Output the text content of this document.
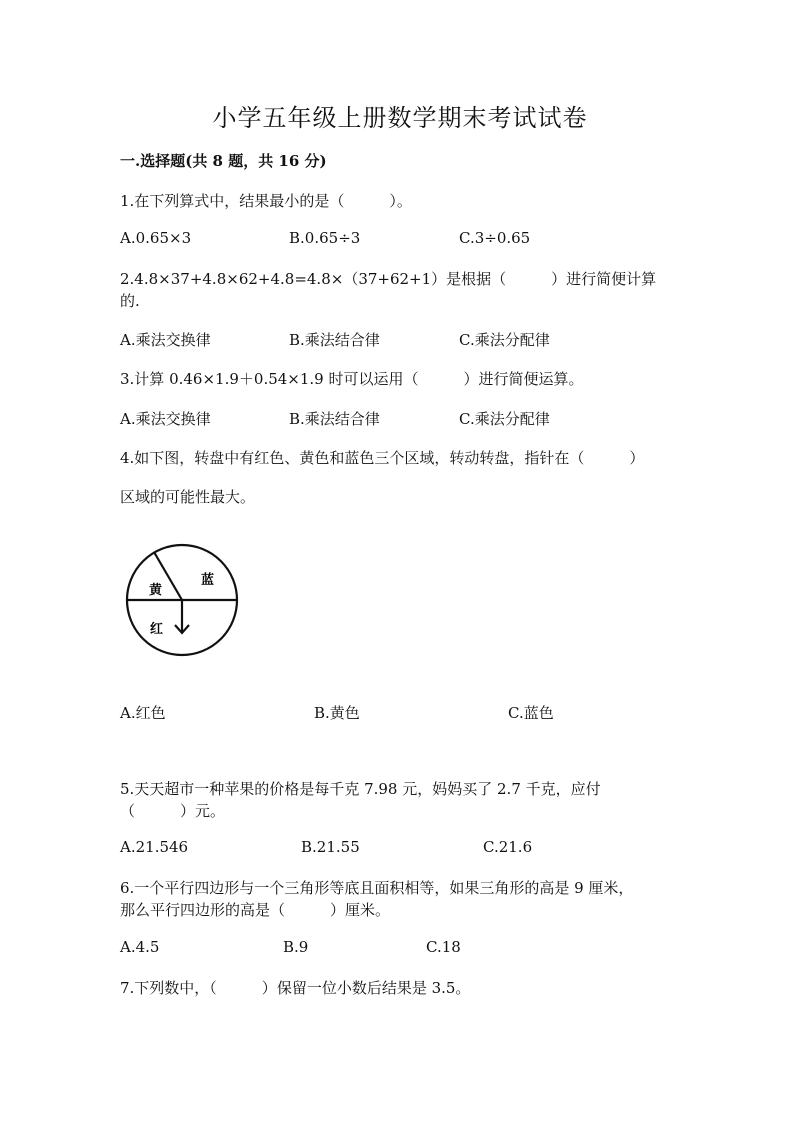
小学五年级上册数学期末考试试卷
一.选择题(共 8 题，共 16 分)
1.在下列算式中，结果最小的是（　　　）。
A.0.65×3	B.0.65÷3	C.3÷0.65
2.4.8×37+4.8×62+4.8=4.8×（37+62+1）是根据（　　　）进行简便计算
的.
A.乘法交换律	B.乘法结合律	C.乘法分配律
3.计算 0.46×1.9＋0.54×1.9 时可以运用（　　　）进行简便运算。
A.乘法交换律	B.乘法结合律	C.乘法分配律
4.如下图，转盘中有红色、黄色和蓝色三个区域，转动转盘，指针在（　　　）
区域的可能性最大。
黄
蓝
红
A.红色	B.黄色	C.蓝色
5.天天超市一种苹果的价格是每千克 7.98 元，妈妈买了 2.7 千克，应付
（　　　）元。
A.21.546	B.21.55	C.21.6
6.一个平行四边形与一个三角形等底且面积相等，如果三角形的高是 9 厘米，
那么平行四边形的高是（　　　）厘米。
A.4.5	B.9	C.18
7.下列数中，（　　　）保留一位小数后结果是 3.5。
